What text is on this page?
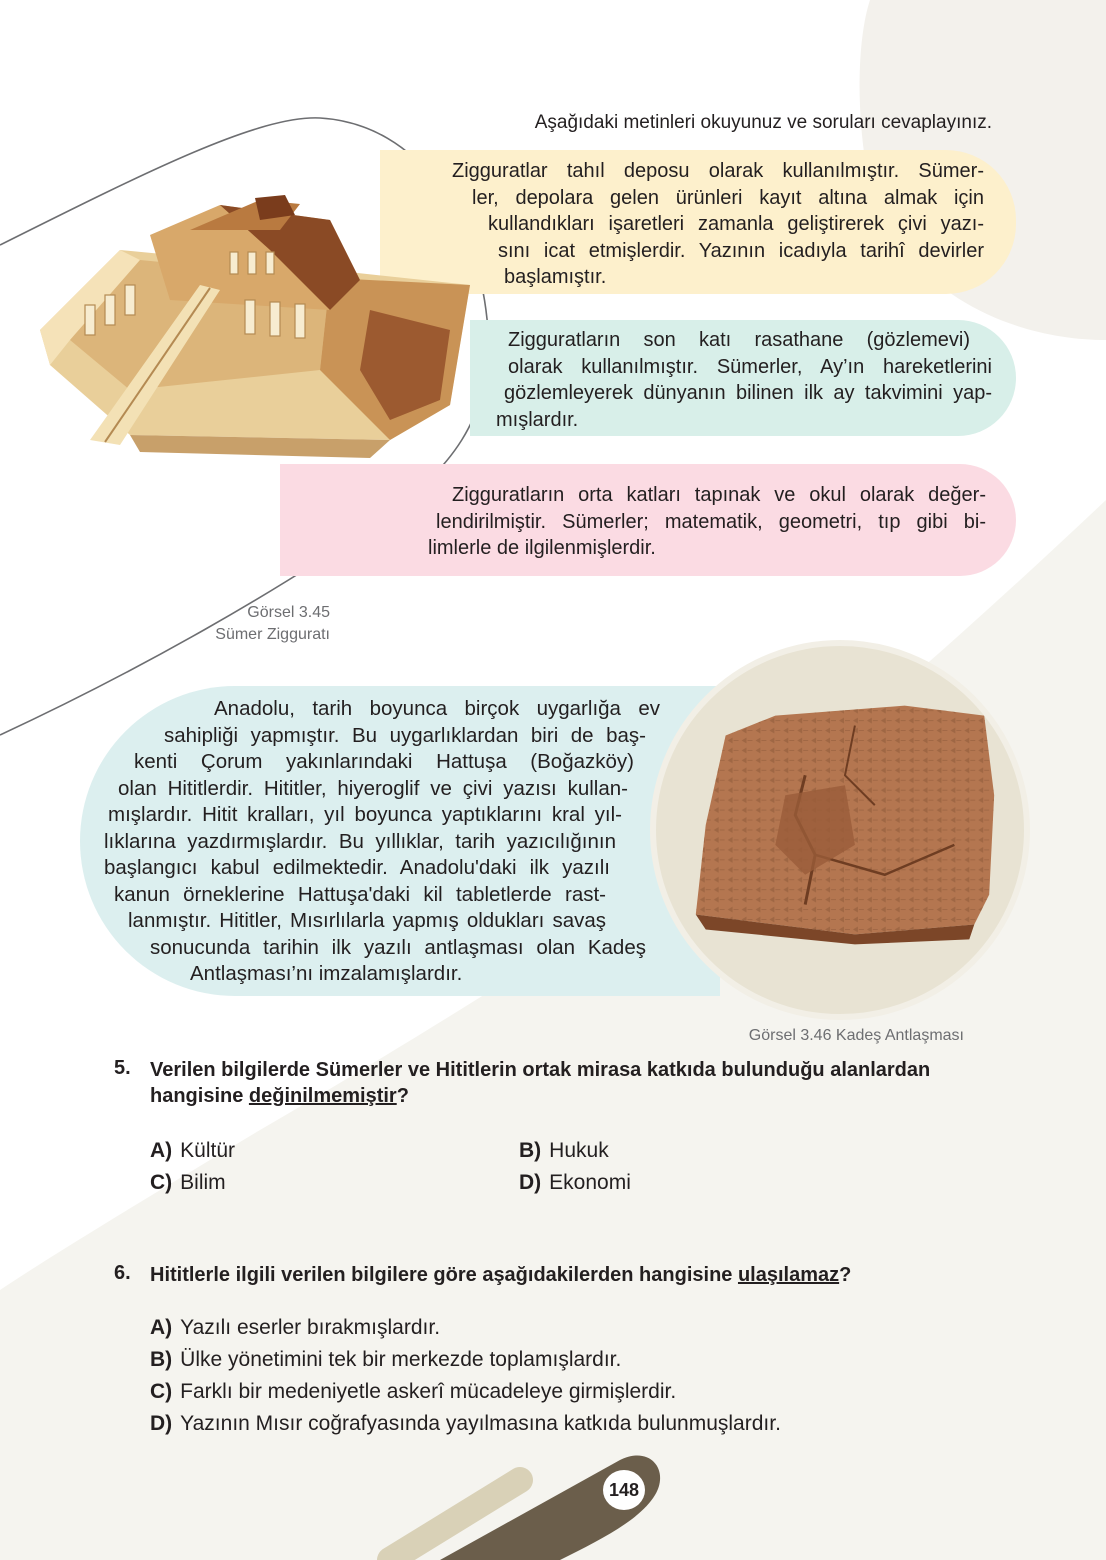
Aşağıdaki metinleri okuyunuz ve soruları cevaplayınız.
Zigguratlar tahıl deposu olarak kullanılmıştır. Sümer-
ler, depolara gelen ürünleri kayıt altına almak için
kullandıkları işaretleri zamanla geliştirerek çivi yazı-
sını icat etmişlerdir. Yazının icadıyla tarihî devirler
başlamıştır.
Zigguratların son katı rasathane (gözlemevi)
olarak kullanılmıştır. Sümerler, Ay’ın hareketlerini
gözlemleyerek dünyanın bilinen ilk ay takvimini yap-
mışlardır.
Zigguratların orta katları tapınak ve okul olarak değer-
lendirilmiştir. Sümerler; matematik, geometri, tıp gibi bi-
limlerle de ilgilenmişlerdir.
Görsel 3.45
Sümer Zigguratı
Anadolu, tarih boyunca birçok uygarlığa ev
sahipliği yapmıştır. Bu uygarlıklardan biri de baş-
kenti Çorum yakınlarındaki Hattuşa (Boğazköy)
olan Hititlerdir. Hititler, hiyeroglif ve çivi yazısı kullan-
mışlardır. Hitit kralları, yıl boyunca yaptıklarını kral yıl-
lıklarına yazdırmışlardır. Bu yıllıklar, tarih yazıcılığının
başlangıcı kabul edilmektedir. Anadolu'daki ilk yazılı
kanun örneklerine Hattuşa'daki kil tabletlerde rast-
lanmıştır. Hititler, Mısırlılarla yapmış oldukları savaş
sonucunda tarihin ilk yazılı antlaşması olan Kadeş
Antlaşması’nı imzalamışlardır.
Görsel 3.46 Kadeş Antlaşması
5. Verilen bilgilerde Sümerler ve Hititlerin ortak mirasa katkıda bulunduğu alanlardan
hangisine değinilmemiştir?
A) Kültür	B) Hukuk
C) Bilim	D) Ekonomi
6. Hititlerle ilgili verilen bilgilere göre aşağıdakilerden hangisine ulaşılamaz?
A) Yazılı eserler bırakmışlardır.
B) Ülke yönetimini tek bir merkezde toplamışlardır.
C) Farklı bir medeniyetle askerî mücadeleye girmişlerdir.
D) Yazının Mısır coğrafyasında yayılmasına katkıda bulunmuşlardır.
148
